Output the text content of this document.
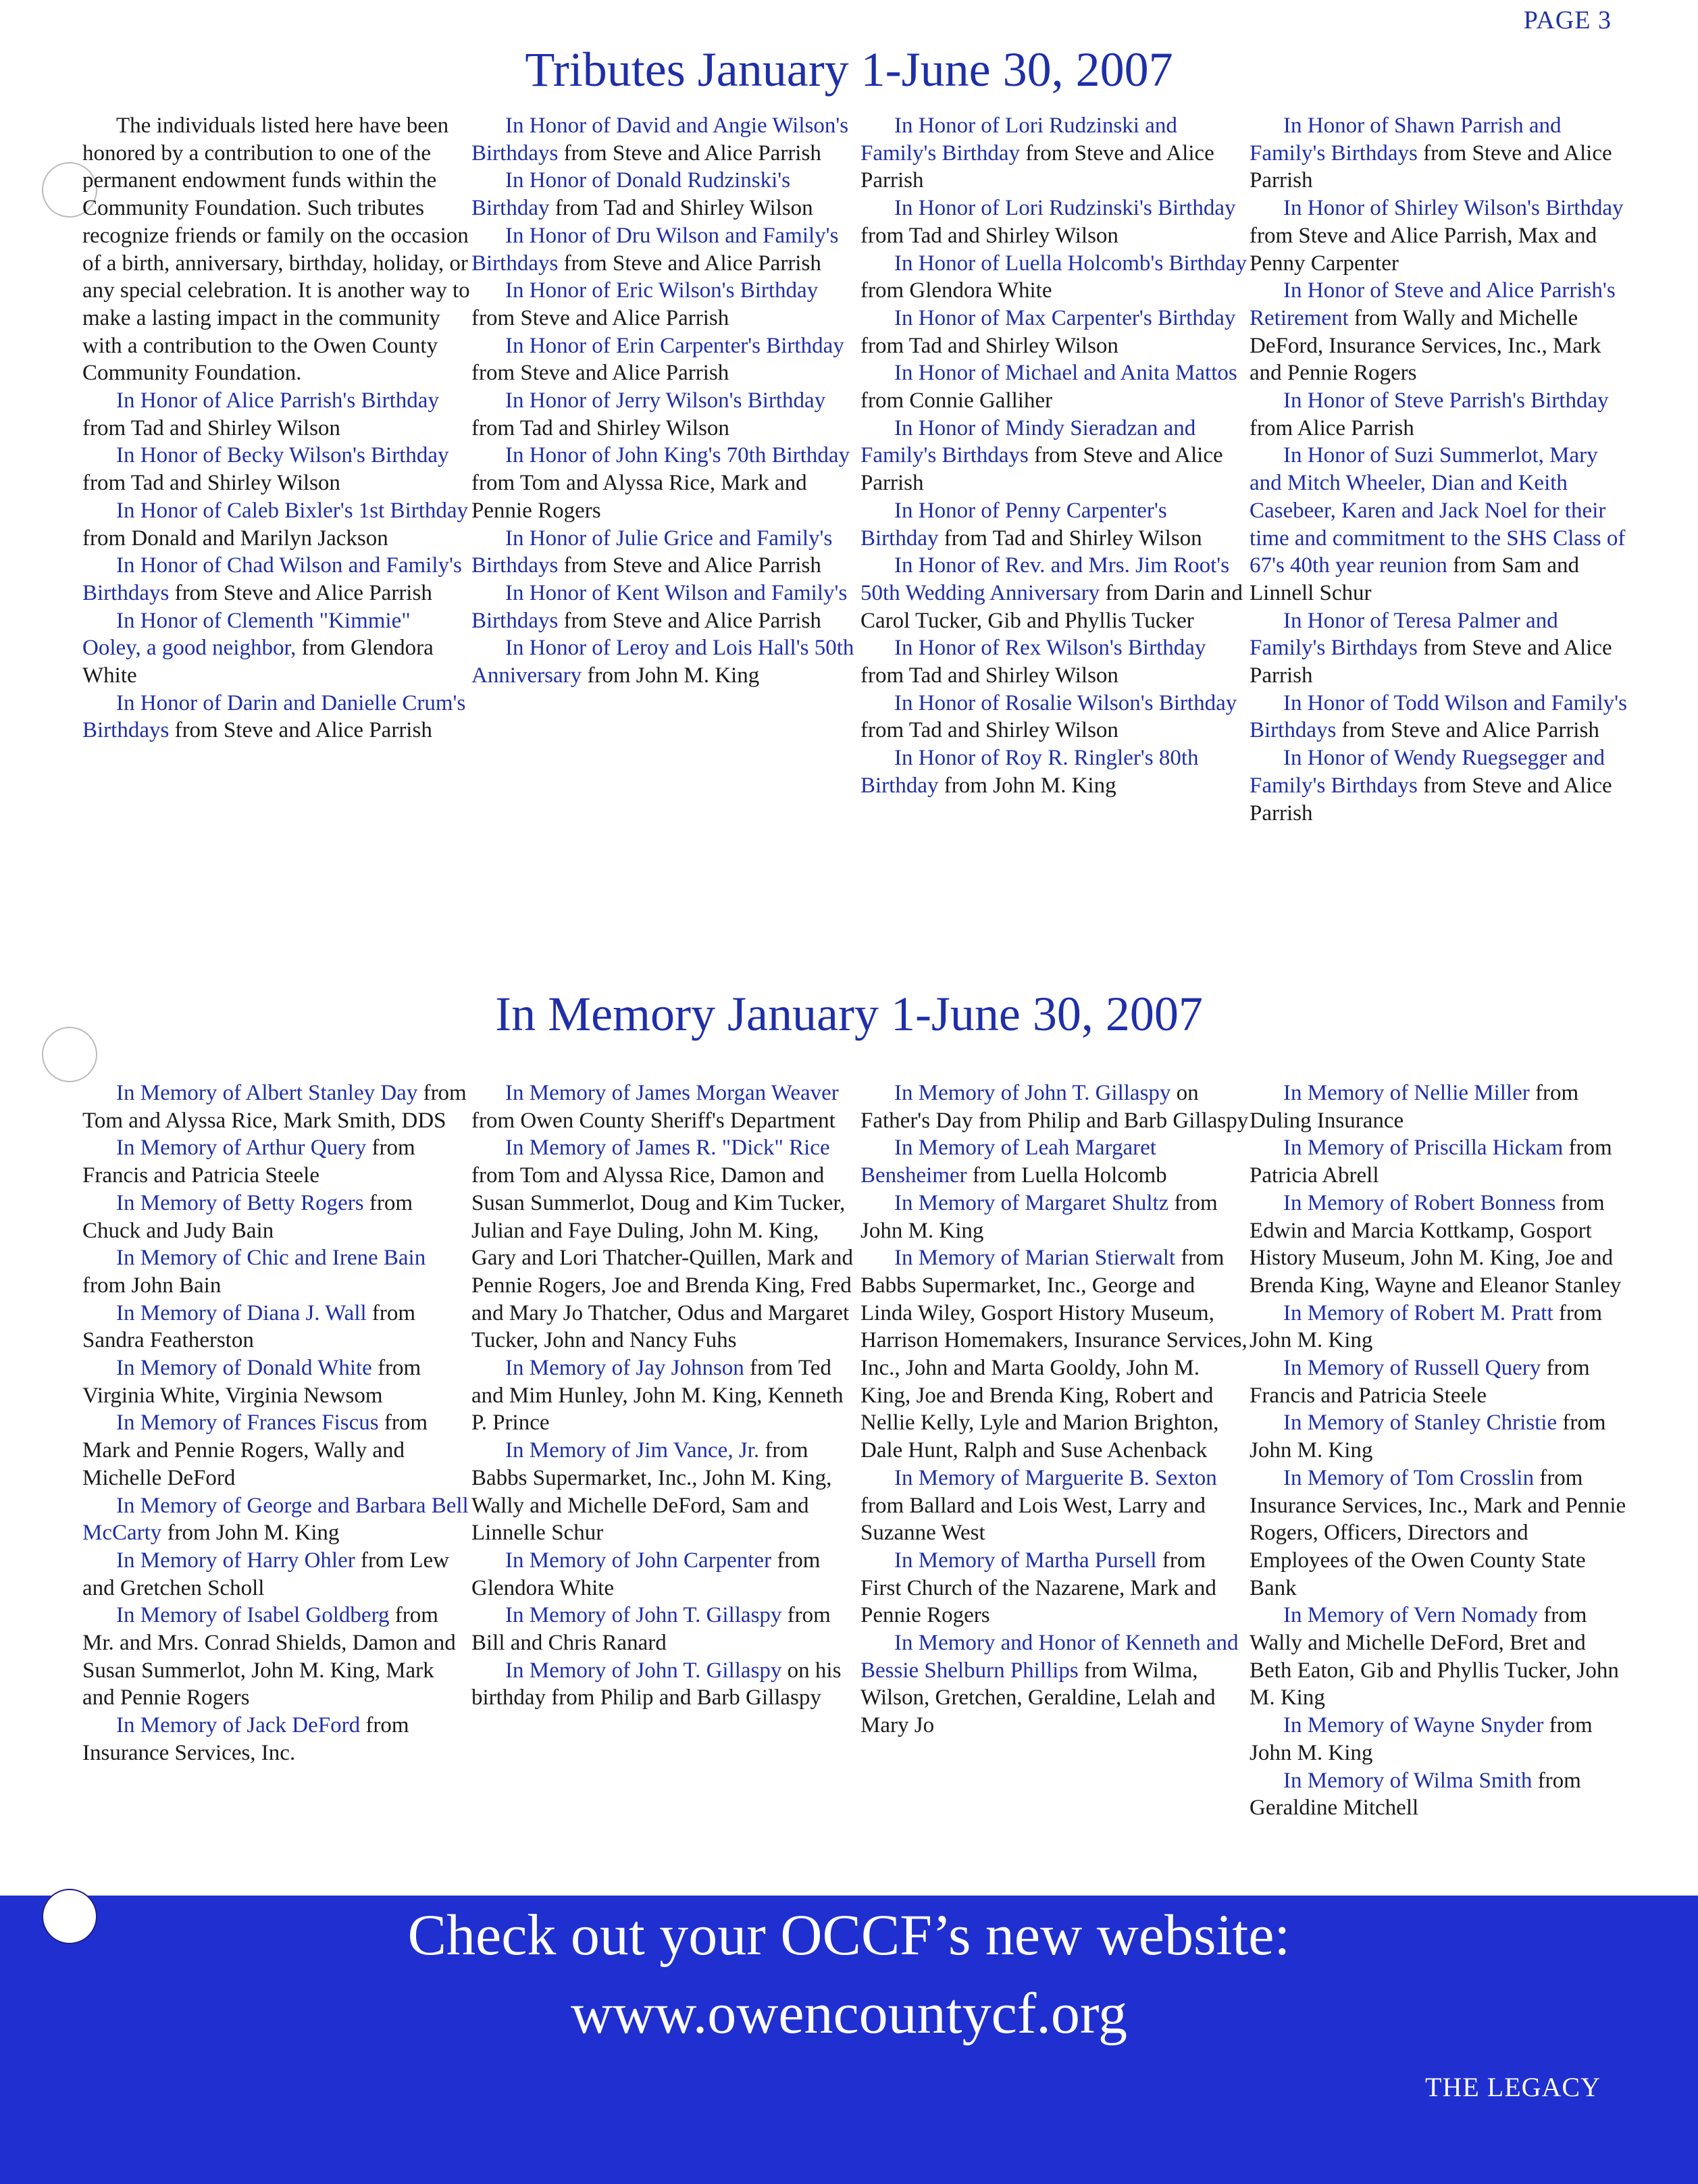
PAGE 3
Tributes January 1-June 30, 2007

The individuals listed here have been honored by a contribution to one of the permanent endowment funds within the Community Foundation. Such tributes recognize friends or family on the occasion of a birth, anniversary, birthday, holiday, or any special celebration. It is another way to make a lasting impact in the community with a contribution to the Owen County Community Foundation.

In Honor of Alice Parrish's Birthday from Tad and Shirley Wilson

In Honor of Becky Wilson's Birthday from Tad and Shirley Wilson

In Honor of Caleb Bixler's 1st Birthday from Donald and Marilyn Jackson

In Honor of Chad Wilson and Family's Birthdays from Steve and Alice Parrish

In Honor of Clementh "Kimmie" Ooley, a good neighbor, from Glendora White

In Honor of Darin and Danielle Crum's Birthdays from Steve and Alice Parrish

In Honor of David and Angie Wilson's Birthdays from Steve and Alice Parrish

In Honor of Donald Rudzinski's Birthday from Tad and Shirley Wilson

In Honor of Dru Wilson and Family's Birthdays from Steve and Alice Parrish

In Honor of Eric Wilson's Birthday from Steve and Alice Parrish

In Honor of Erin Carpenter's Birthday from Steve and Alice Parrish

In Honor of Jerry Wilson's Birthday from Tad and Shirley Wilson

In Honor of John King's 70th Birthday from Tom and Alyssa Rice, Mark and Pennie Rogers

In Honor of Julie Grice and Family's Birthdays from Steve and Alice Parrish

In Honor of Kent Wilson and Family's Birthdays from Steve and Alice Parrish

In Honor of Leroy and Lois Hall's 50th Anniversary from John M. King

In Honor of Lori Rudzinski and Family's Birthday from Steve and Alice Parrish

In Honor of Lori Rudzinski's Birthday from Tad and Shirley Wilson

In Honor of Luella Holcomb's Birthday from Glendora White

In Honor of Max Carpenter's Birthday from Tad and Shirley Wilson

In Honor of Michael and Anita Mattos from Connie Galliher

In Honor of Mindy Sieradzan and Family's Birthdays from Steve and Alice Parrish

In Honor of Penny Carpenter's Birthday from Tad and Shirley Wilson

In Honor of Rev. and Mrs. Jim Root's 50th Wedding Anniversary from Darin and Carol Tucker, Gib and Phyllis Tucker

In Honor of Rex Wilson's Birthday from Tad and Shirley Wilson

In Honor of Rosalie Wilson's Birthday from Tad and Shirley Wilson

In Honor of Roy R. Ringler's 80th Birthday from John M. King

In Honor of Shawn Parrish and Family's Birthdays from Steve and Alice Parrish

In Honor of Shirley Wilson's Birthday from Steve and Alice Parrish, Max and Penny Carpenter

In Honor of Steve and Alice Parrish's Retirement from Wally and Michelle DeFord, Insurance Services, Inc., Mark and Pennie Rogers

In Honor of Steve Parrish's Birthday from Alice Parrish

In Honor of Suzi Summerlot, Mary and Mitch Wheeler, Dian and Keith Casebeer, Karen and Jack Noel for their time and commitment to the SHS Class of 67's 40th year reunion from Sam and Linnell Schur

In Honor of Teresa Palmer and Family's Birthdays from Steve and Alice Parrish

In Honor of Todd Wilson and Family's Birthdays from Steve and Alice Parrish

In Honor of Wendy Ruegsegger and Family's Birthdays from Steve and Alice Parrish

In Memory January 1-June 30, 2007

In Memory of Albert Stanley Day from Tom and Alyssa Rice, Mark Smith, DDS

In Memory of Arthur Query from Francis and Patricia Steele

In Memory of Betty Rogers from Chuck and Judy Bain

In Memory of Chic and Irene Bain from John Bain

In Memory of Diana J. Wall from Sandra Featherston

In Memory of Donald White from Virginia White, Virginia Newsom

In Memory of Frances Fiscus from Mark and Pennie Rogers, Wally and Michelle DeFord

In Memory of George and Barbara Bell McCarty from John M. King

In Memory of Harry Ohler from Lew and Gretchen Scholl

In Memory of Isabel Goldberg from Mr. and Mrs. Conrad Shields, Damon and Susan Summerlot, John M. King, Mark and Pennie Rogers

In Memory of Jack DeFord from Insurance Services, Inc.

In Memory of James Morgan Weaver from Owen County Sheriff's Department

In Memory of James R. "Dick" Rice from Tom and Alyssa Rice, Damon and Susan Summerlot, Doug and Kim Tucker, Julian and Faye Duling, John M. King, Gary and Lori Thatcher-Quillen, Mark and Pennie Rogers, Joe and Brenda King, Fred and Mary Jo Thatcher, Odus and Margaret Tucker, John and Nancy Fuhs

In Memory of Jay Johnson from Ted and Mim Hunley, John M. King, Kenneth P. Prince

In Memory of Jim Vance, Jr. from Babbs Supermarket, Inc., John M. King, Wally and Michelle DeFord, Sam and Linnelle Schur

In Memory of John Carpenter from Glendora White

In Memory of John T. Gillaspy from Bill and Chris Ranard

In Memory of John T. Gillaspy on his birthday from Philip and Barb Gillaspy

In Memory of John T. Gillaspy on Father's Day from Philip and Barb Gillaspy

In Memory of Leah Margaret Bensheimer from Luella Holcomb

In Memory of Margaret Shultz from John M. King

In Memory of Marian Stierwalt from Babbs Supermarket, Inc., George and Linda Wiley, Gosport History Museum, Harrison Homemakers, Insurance Services, Inc., John and Marta Gooldy, John M. King, Joe and Brenda King, Robert and Nellie Kelly, Lyle and Marion Brighton, Dale Hunt, Ralph and Suse Achenback

In Memory of Marguerite B. Sexton from Ballard and Lois West, Larry and Suzanne West

In Memory of Martha Pursell from First Church of the Nazarene, Mark and Pennie Rogers

In Memory and Honor of Kenneth and Bessie Shelburn Phillips from Wilma, Wilson, Gretchen, Geraldine, Lelah and Mary Jo

In Memory of Nellie Miller from Duling Insurance

In Memory of Priscilla Hickam from Patricia Abrell

In Memory of Robert Bonness from Edwin and Marcia Kottkamp, Gosport History Museum, John M. King, Joe and Brenda King, Wayne and Eleanor Stanley

In Memory of Robert M. Pratt from John M. King

In Memory of Russell Query from Francis and Patricia Steele

In Memory of Stanley Christie from John M. King

In Memory of Tom Crosslin from Insurance Services, Inc., Mark and Pennie Rogers, Officers, Directors and Employees of the Owen County State Bank

In Memory of Vern Nomady from Wally and Michelle DeFord, Bret and Beth Eaton, Gib and Phyllis Tucker, John M. King

In Memory of Wayne Snyder from John M. King

In Memory of Wilma Smith from Geraldine Mitchell

Check out your OCCF’s new website:
www.owencountycf.org
THE LEGACY
